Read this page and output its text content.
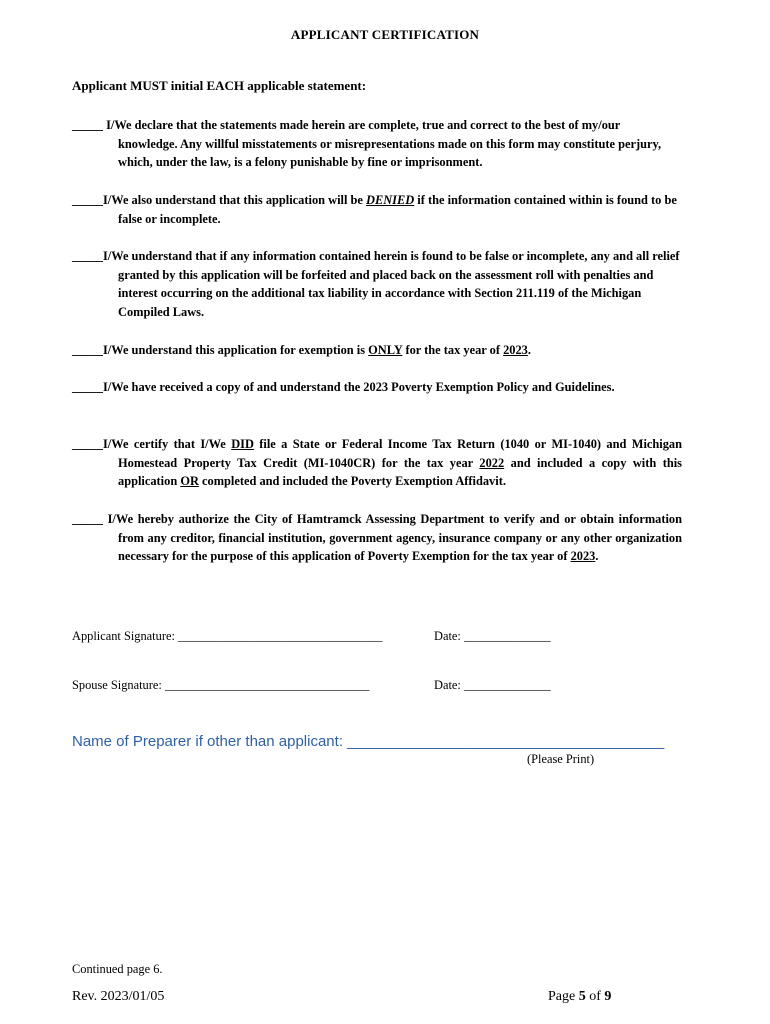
APPLICANT CERTIFICATION
Applicant MUST initial EACH applicable statement:
_____ I/We declare that the statements made herein are complete, true and correct to the best of my/our knowledge. Any willful misstatements or misrepresentations made on this form may constitute perjury, which, under the law, is a felony punishable by fine or imprisonment.
_____I/We also understand that this application will be DENIED if the information contained within is found to be false or incomplete.
_____I/We understand that if any information contained herein is found to be false or incomplete, any and all relief granted by this application will be forfeited and placed back on the assessment roll with penalties and interest occurring on the additional tax liability in accordance with Section 211.119 of the Michigan Compiled Laws.
_____I/We understand this application for exemption is ONLY for the tax year of 2023.
_____I/We have received a copy of and understand the 2023 Poverty Exemption Policy and Guidelines.
_____I/We certify that I/We DID file a State or Federal Income Tax Return (1040 or MI-1040) and Michigan Homestead Property Tax Credit (MI-1040CR) for the tax year 2022 and included a copy with this application OR completed and included the Poverty Exemption Affidavit.
_____ I/We hereby authorize the City of Hamtramck Assessing Department to verify and or obtain information from any creditor, financial institution, government agency, insurance company or any other organization necessary for the purpose of this application of Poverty Exemption for the tax year of 2023.
Applicant Signature: _________________________________	Date: ______________
Spouse Signature: _________________________________	Date: ______________
Name of Preparer if other than applicant: ______________________________________
(Please Print)
Continued page 6.
Rev. 2023/01/05	Page 5 of 9
